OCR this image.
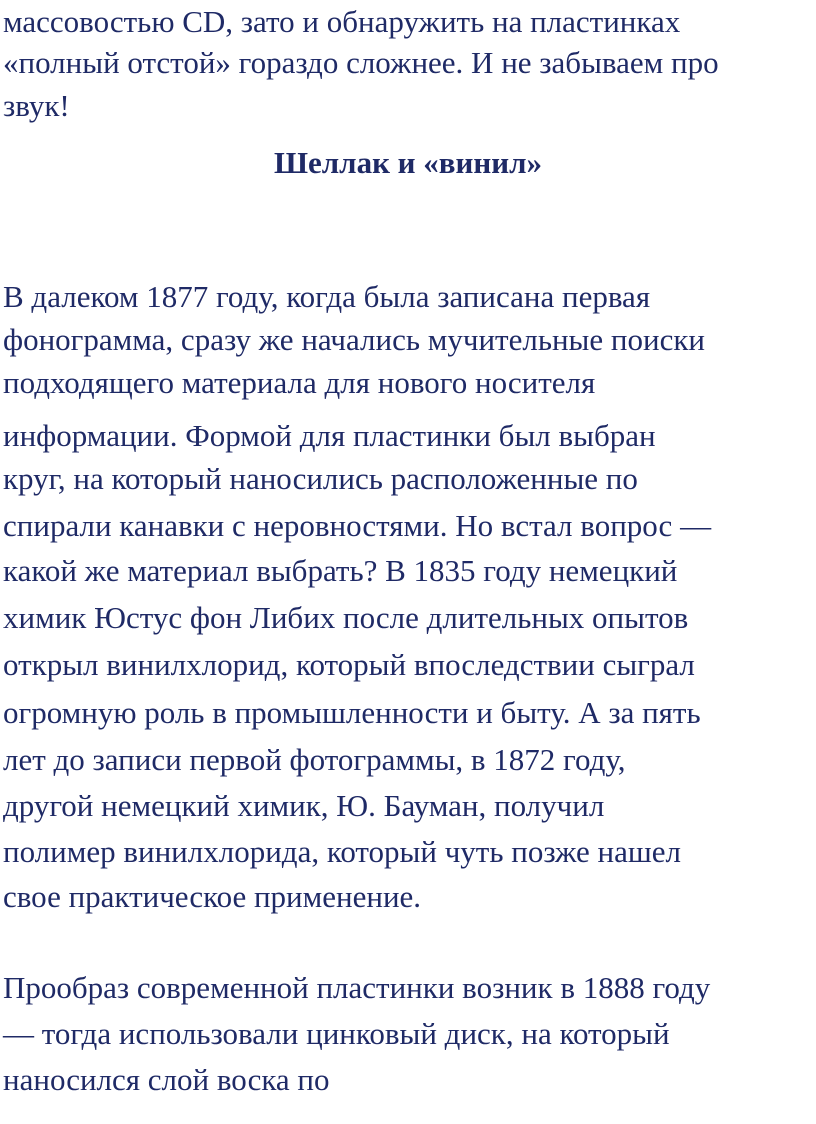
массовостью CD, зато и обнаружить на пластинках
«полный отстой» гораздо сложнее. И не забываем про
звук!
Шеллак и «винил»
В далеком 1877 году, когда была записана первая
фонограмма, сразу же начались мучительные поиски
подходящего материала для нового носителя
информации. Формой для пластинки был выбран
круг, на который наносились расположенные по
спирали канавки с неровностями. Но встал вопрос —
какой же материал выбрать? В 1835 году немецкий
химик Юстус фон Либих после длительных опытов
открыл винилхлорид, который впоследствии сыграл
огромную роль в промышленности и быту. А за пять
лет до записи первой фотограммы, в 1872 году,
другой немецкий химик, Ю. Бауман, получил
полимер винилхлорида, который чуть позже нашел
свое практическое применение.
Прообраз современной пластинки возник в 1888 году
— тогда использовали цинковый диск, на который
наносился слой воска по
